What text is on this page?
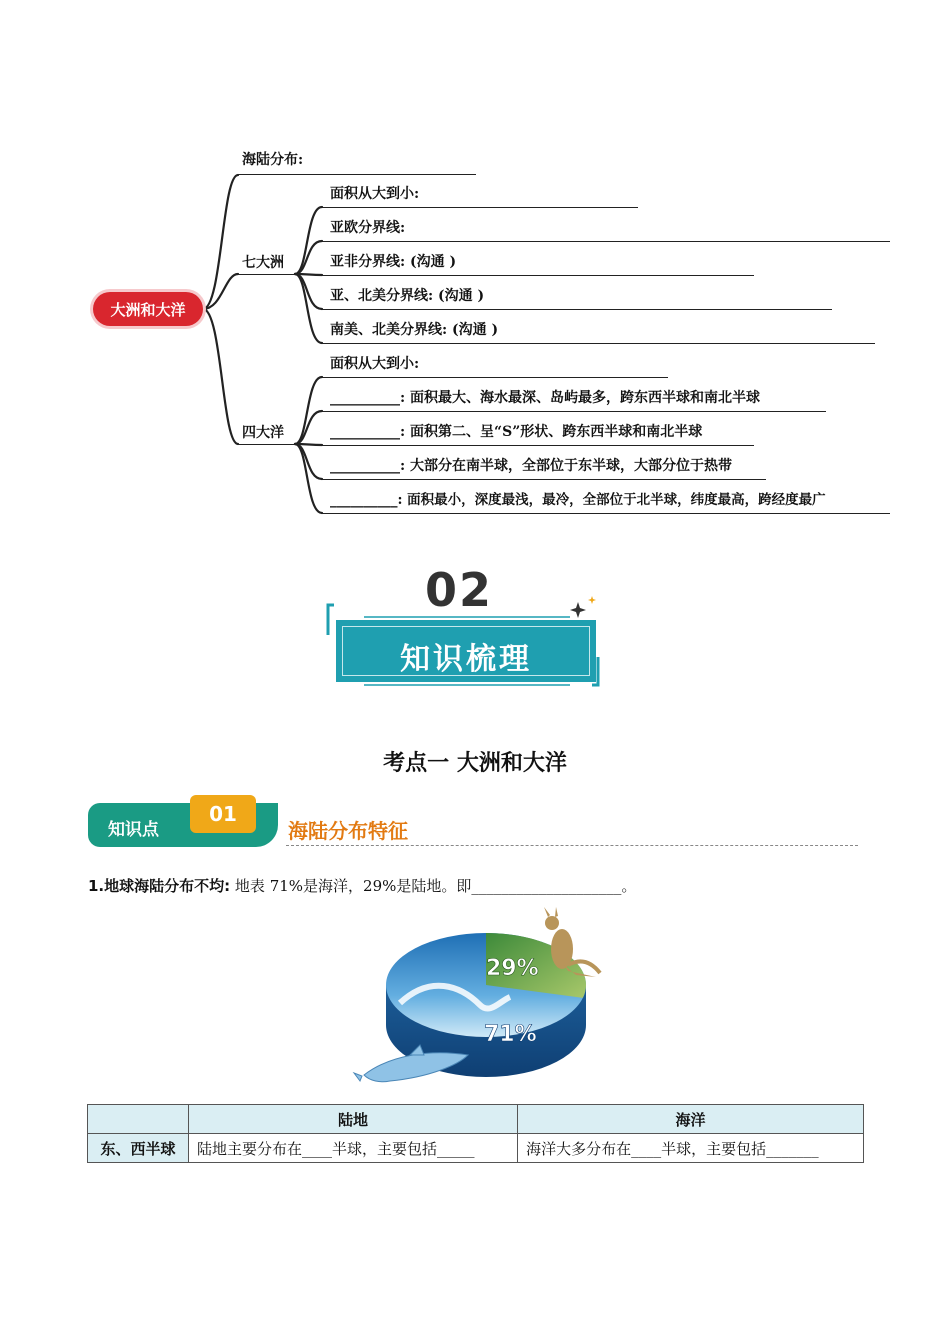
大洲和大洋
海陆分布:
七大洲
面积从大到小:
亚欧分界线:
亚非分界线: (沟通 )
亚、北美分界线: (沟通 )
南美、北美分界线: (沟通 )
四大洋
面积从大到小:
__________: 面积最大、海水最深、岛屿最多，跨东西半球和南北半球
__________: 面积第二、呈“S”形状、跨东西半球和南北半球
__________: 大部分在南半球，全部位于东半球，大部分位于热带
__________: 面积最小，深度最浅，最冷，全部位于北半球，纬度最高，跨经度最广
02
知识梳理
考点一 大洲和大洋
知识点
01
海陆分布特征
1.地球海陆分布不均: 地表 71%是海洋，29%是陆地。即____________________。
29%
71%
	陆地	海洋
东、西半球	陆地主要分布在____半球，主要包括_____	海洋大多分布在____半球，主要包括_______
